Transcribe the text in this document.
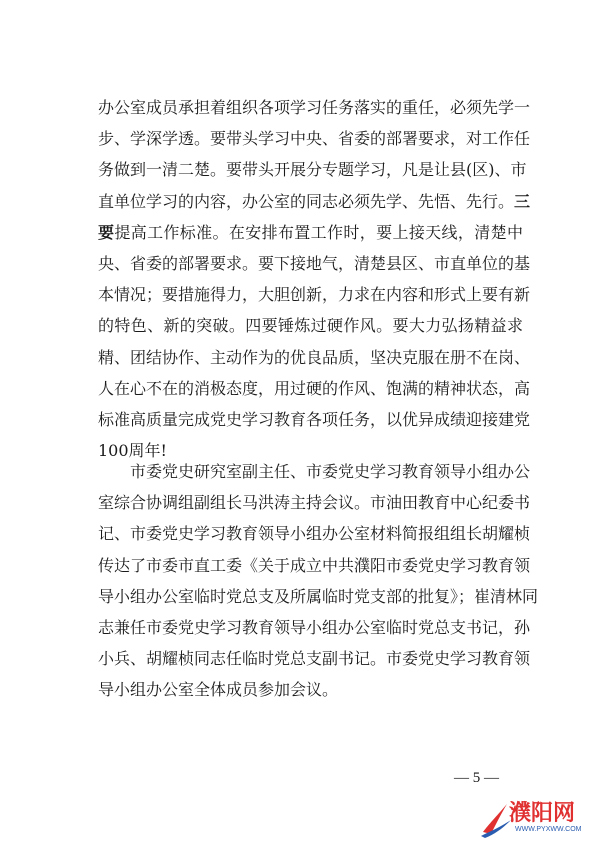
办公室成员承担着组织各项学习任务落实的重任，必须先学一
步、学深学透。要带头学习中央、省委的部署要求，对工作任
务做到一清二楚。要带头开展分专题学习，凡是让县(区)、市
直单位学习的内容，办公室的同志必须先学、先悟、先行。三
要提高工作标准。在安排布置工作时，要上接天线，清楚中
央、省委的部署要求。要下接地气，清楚县区、市直单位的基
本情况；要措施得力，大胆创新，力求在内容和形式上要有新
的特色、新的突破。四要锤炼过硬作风。要大力弘扬精益求
精、团结协作、主动作为的优良品质，坚决克服在册不在岗、
人在心不在的消极态度，用过硬的作风、饱满的精神状态，高
标准高质量完成党史学习教育各项任务，以优异成绩迎接建党
100周年!
市委党史研究室副主任、市委党史学习教育领导小组办公
室综合协调组副组长马洪涛主持会议。市油田教育中心纪委书
记、市委党史学习教育领导小组办公室材料简报组组长胡耀桢
传达了市委市直工委《关于成立中共濮阳市委党史学习教育领
导小组办公室临时党总支及所属临时党支部的批复》；崔清林同
志兼任市委党史学习教育领导小组办公室临时党总支书记，孙
小兵、胡耀桢同志任临时党总支副书记。市委党史学习教育领
导小组办公室全体成员参加会议。
— 5 —
濮阳网
WWW.PYXWW.COM
